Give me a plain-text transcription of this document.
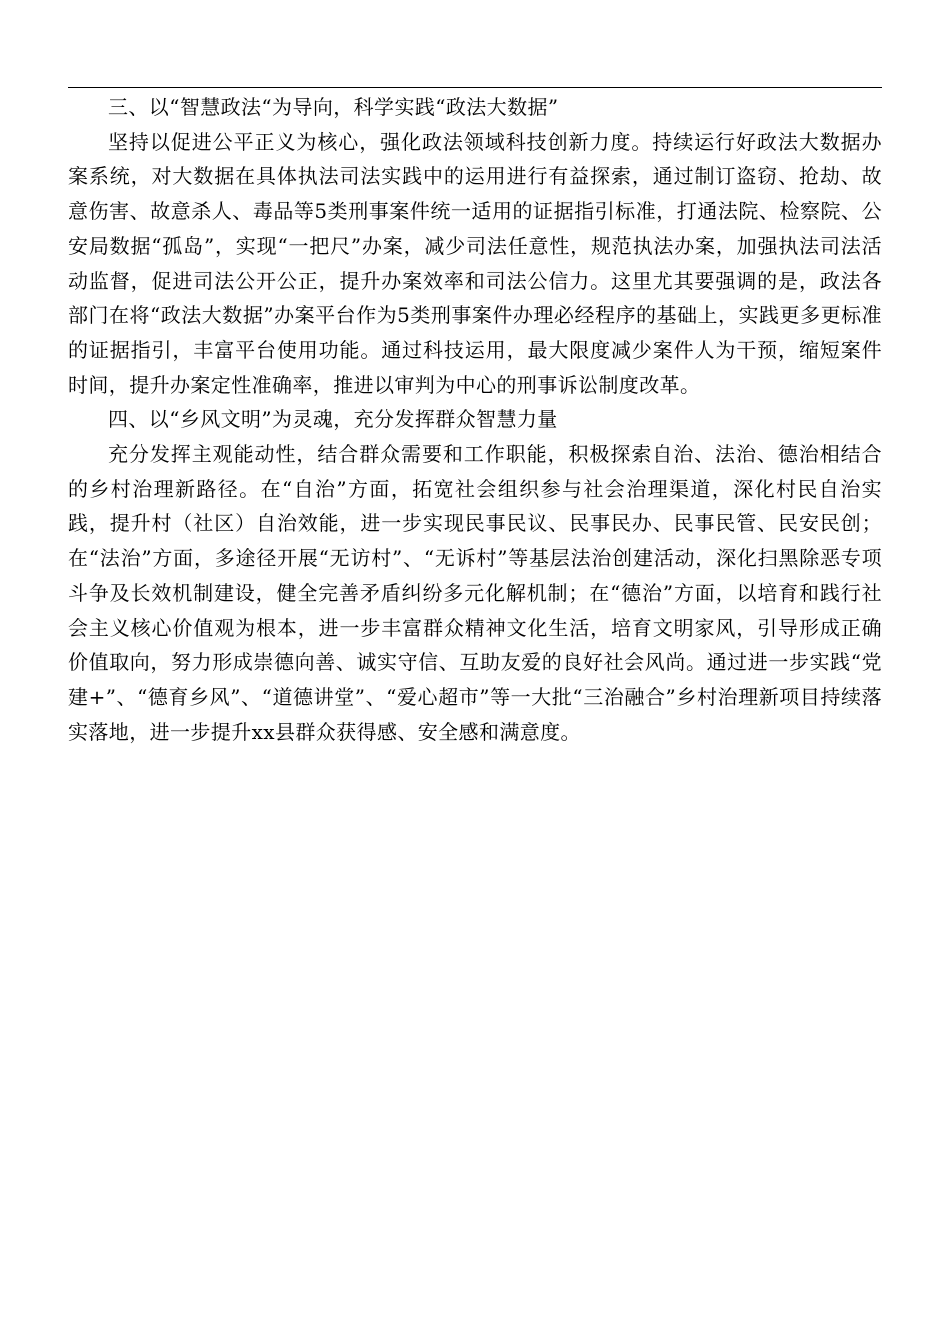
三、以“智慧政法“为导向，科学实践“政法大数据”

坚持以促进公平正义为核心，强化政法领域科技创新力度。持续运行好政法大数据办案系统，对大数据在具体执法司法实践中的运用进行有益探索，通过制订盗窃、抢劫、故意伤害、故意杀人、毒品等5类刑事案件统一适用的证据指引标准，打通法院、检察院、公安局数据“孤岛”，实现“一把尺”办案，减少司法任意性，规范执法办案，加强执法司法活动监督，促进司法公开公正，提升办案效率和司法公信力。这里尤其要强调的是，政法各部门在将“政法大数据”办案平台作为5类刑事案件办理必经程序的基础上，实践更多更标准的证据指引，丰富平台使用功能。通过科技运用，最大限度减少案件人为干预，缩短案件时间，提升办案定性准确率，推进以审判为中心的刑事诉讼制度改革。

四、以“乡风文明”为灵魂，充分发挥群众智慧力量

充分发挥主观能动性，结合群众需要和工作职能，积极探索自治、法治、德治相结合的乡村治理新路径。在“自治”方面，拓宽社会组织参与社会治理渠道，深化村民自治实践，提升村（社区）自治效能，进一步实现民事民议、民事民办、民事民管、民安民创；在“法治”方面，多途径开展“无访村”、“无诉村”等基层法治创建活动，深化扫黑除恶专项斗争及长效机制建设，健全完善矛盾纠纷多元化解机制；在“德治”方面，以培育和践行社会主义核心价值观为根本，进一步丰富群众精神文化生活，培育文明家风，引导形成正确价值取向，努力形成崇德向善、诚实守信、互助友爱的良好社会风尚。通过进一步实践“党建+”、“德育乡风”、“道德讲堂”、“爱心超市”等一大批“三治融合”乡村治理新项目持续落实落地，进一步提升xx县群众获得感、安全感和满意度。
